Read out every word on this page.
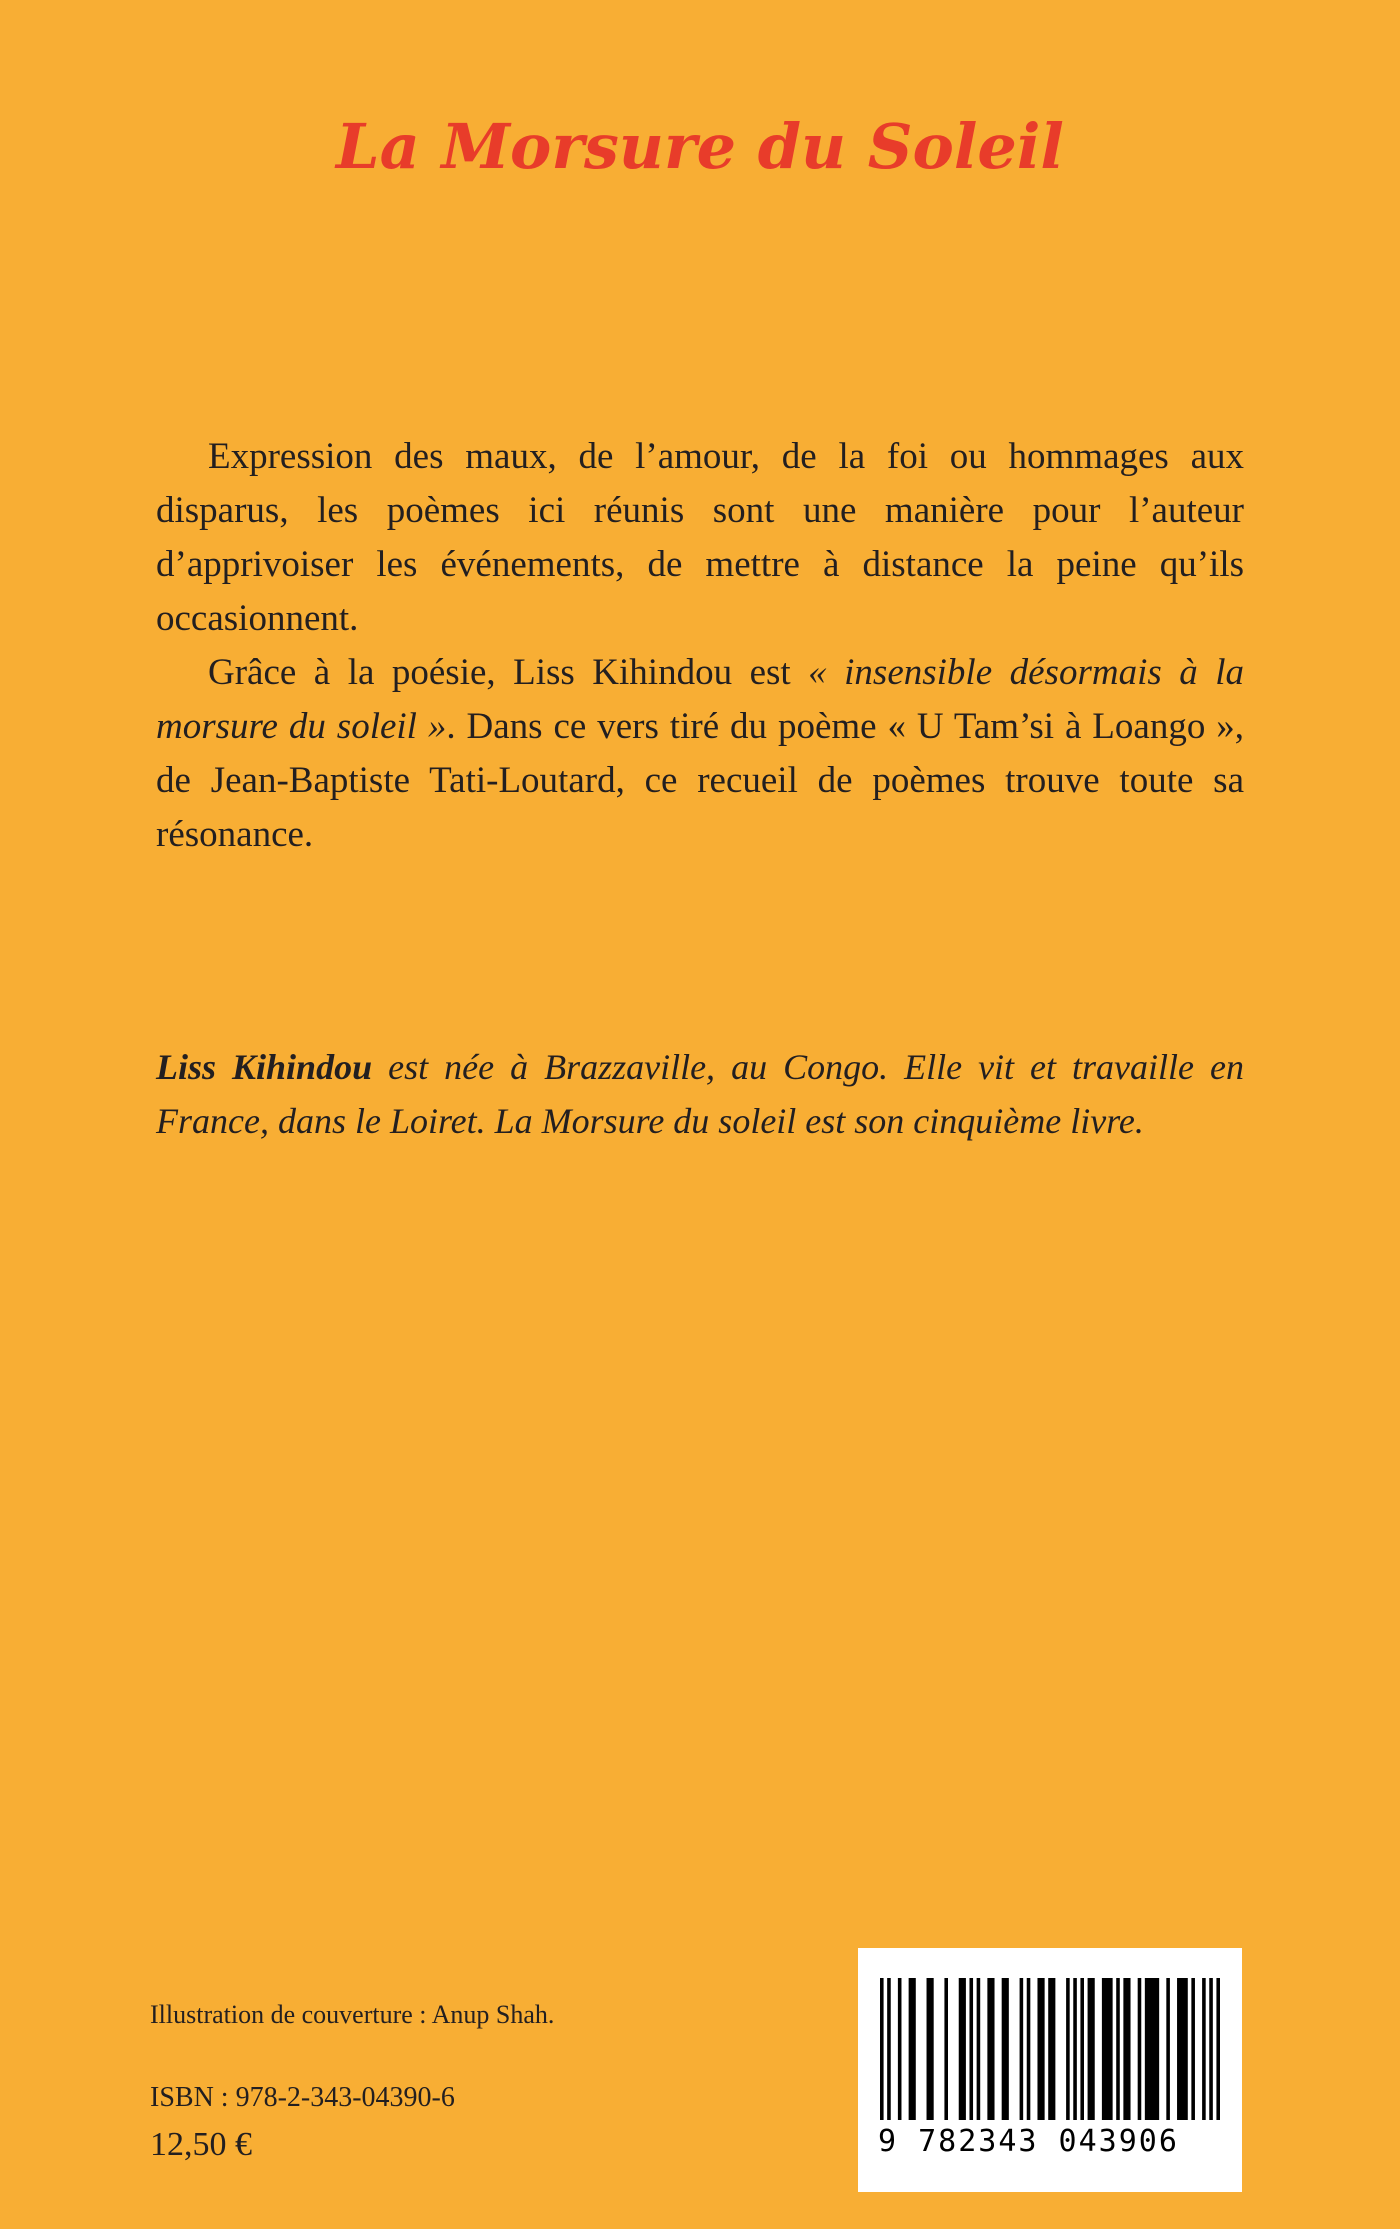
La Morsure du Soleil

Expression des maux, de l’amour, de la foi ou hommages aux disparus, les poèmes ici réunis sont une manière pour l’auteur d’apprivoiser les événements, de mettre à distance la peine qu’ils occasionnent.

Grâce à la poésie, Liss Kihindou est « insensible désormais à la morsure du soleil ». Dans ce vers tiré du poème « U Tam’si à Loango », de Jean-Baptiste Tati-Loutard, ce recueil de poèmes trouve toute sa résonance.

Liss Kihindou est née à Brazzaville, au Congo. Elle vit et travaille en France, dans le Loiret. La Morsure du soleil est son cinquième livre.

Illustration de couverture : Anup Shah.
ISBN : 978-2-343-04390-6
12,50 €	9 782343 043906
